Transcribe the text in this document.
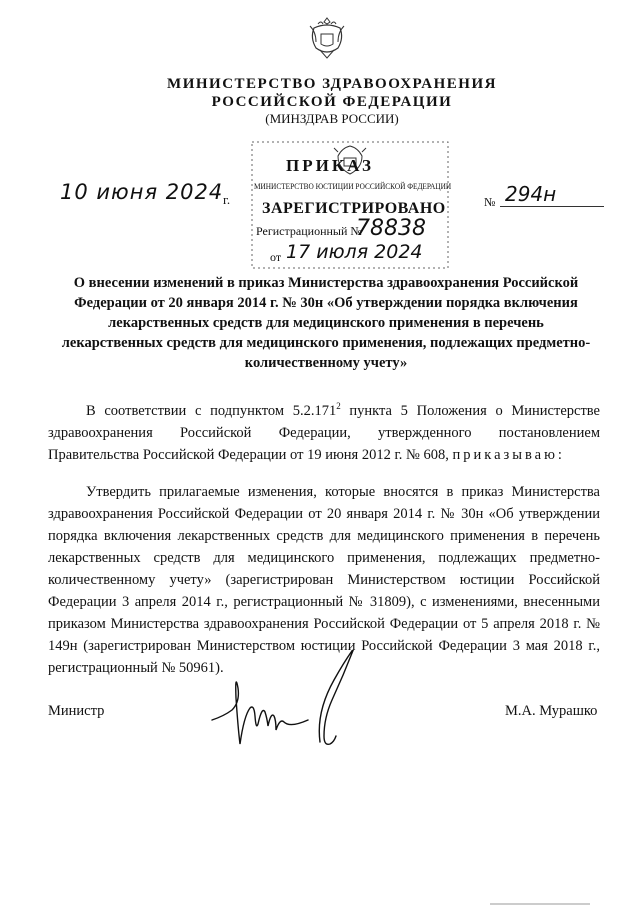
МИНИСТЕРСТВО ЗДРАВООХРАНЕНИЯ
РОССИЙСКОЙ ФЕДЕРАЦИИ
(МИНЗДРАВ РОССИИ)
ПРИКАЗ
МИНИСТЕРСТВО ЮСТИЦИИ РОССИЙСКОЙ ФЕДЕРАЦИИ
ЗАРЕГИСТРИРОВАНО
Регистрационный №
78838
от 17 июля 2024
10 июня 2024 г.	№ 294н
О внесении изменений в приказ Министерства здравоохранения Российской Федерации от 20 января 2014 г. № 30н «Об утверждении порядка включения лекарственных средств для медицинского применения в перечень лекарственных средств для медицинского применения, подлежащих предметно-количественному учету»
В соответствии с подпунктом 5.2.171$^2$ пункта 5 Положения о Министерстве здравоохранения Российской Федерации, утвержденного постановлением Правительства Российской Федерации от 19 июня 2012 г. № 608, приказываю:
Утвердить прилагаемые изменения, которые вносятся в приказ Министерства здравоохранения Российской Федерации от 20 января 2014 г. № 30н «Об утверждении порядка включения лекарственных средств для медицинского применения в перечень лекарственных средств для медицинского применения, подлежащих предметно-количественному учету» (зарегистрирован Министерством юстиции Российской Федерации 3 апреля 2014 г., регистрационный № 31809), с изменениями, внесенными приказом Министерства здравоохранения Российской Федерации от 5 апреля 2018 г. № 149н (зарегистрирован Министерством юстиции Российской Федерации 3 мая 2018 г., регистрационный № 50961).
Министр	М.А. Мурашко
